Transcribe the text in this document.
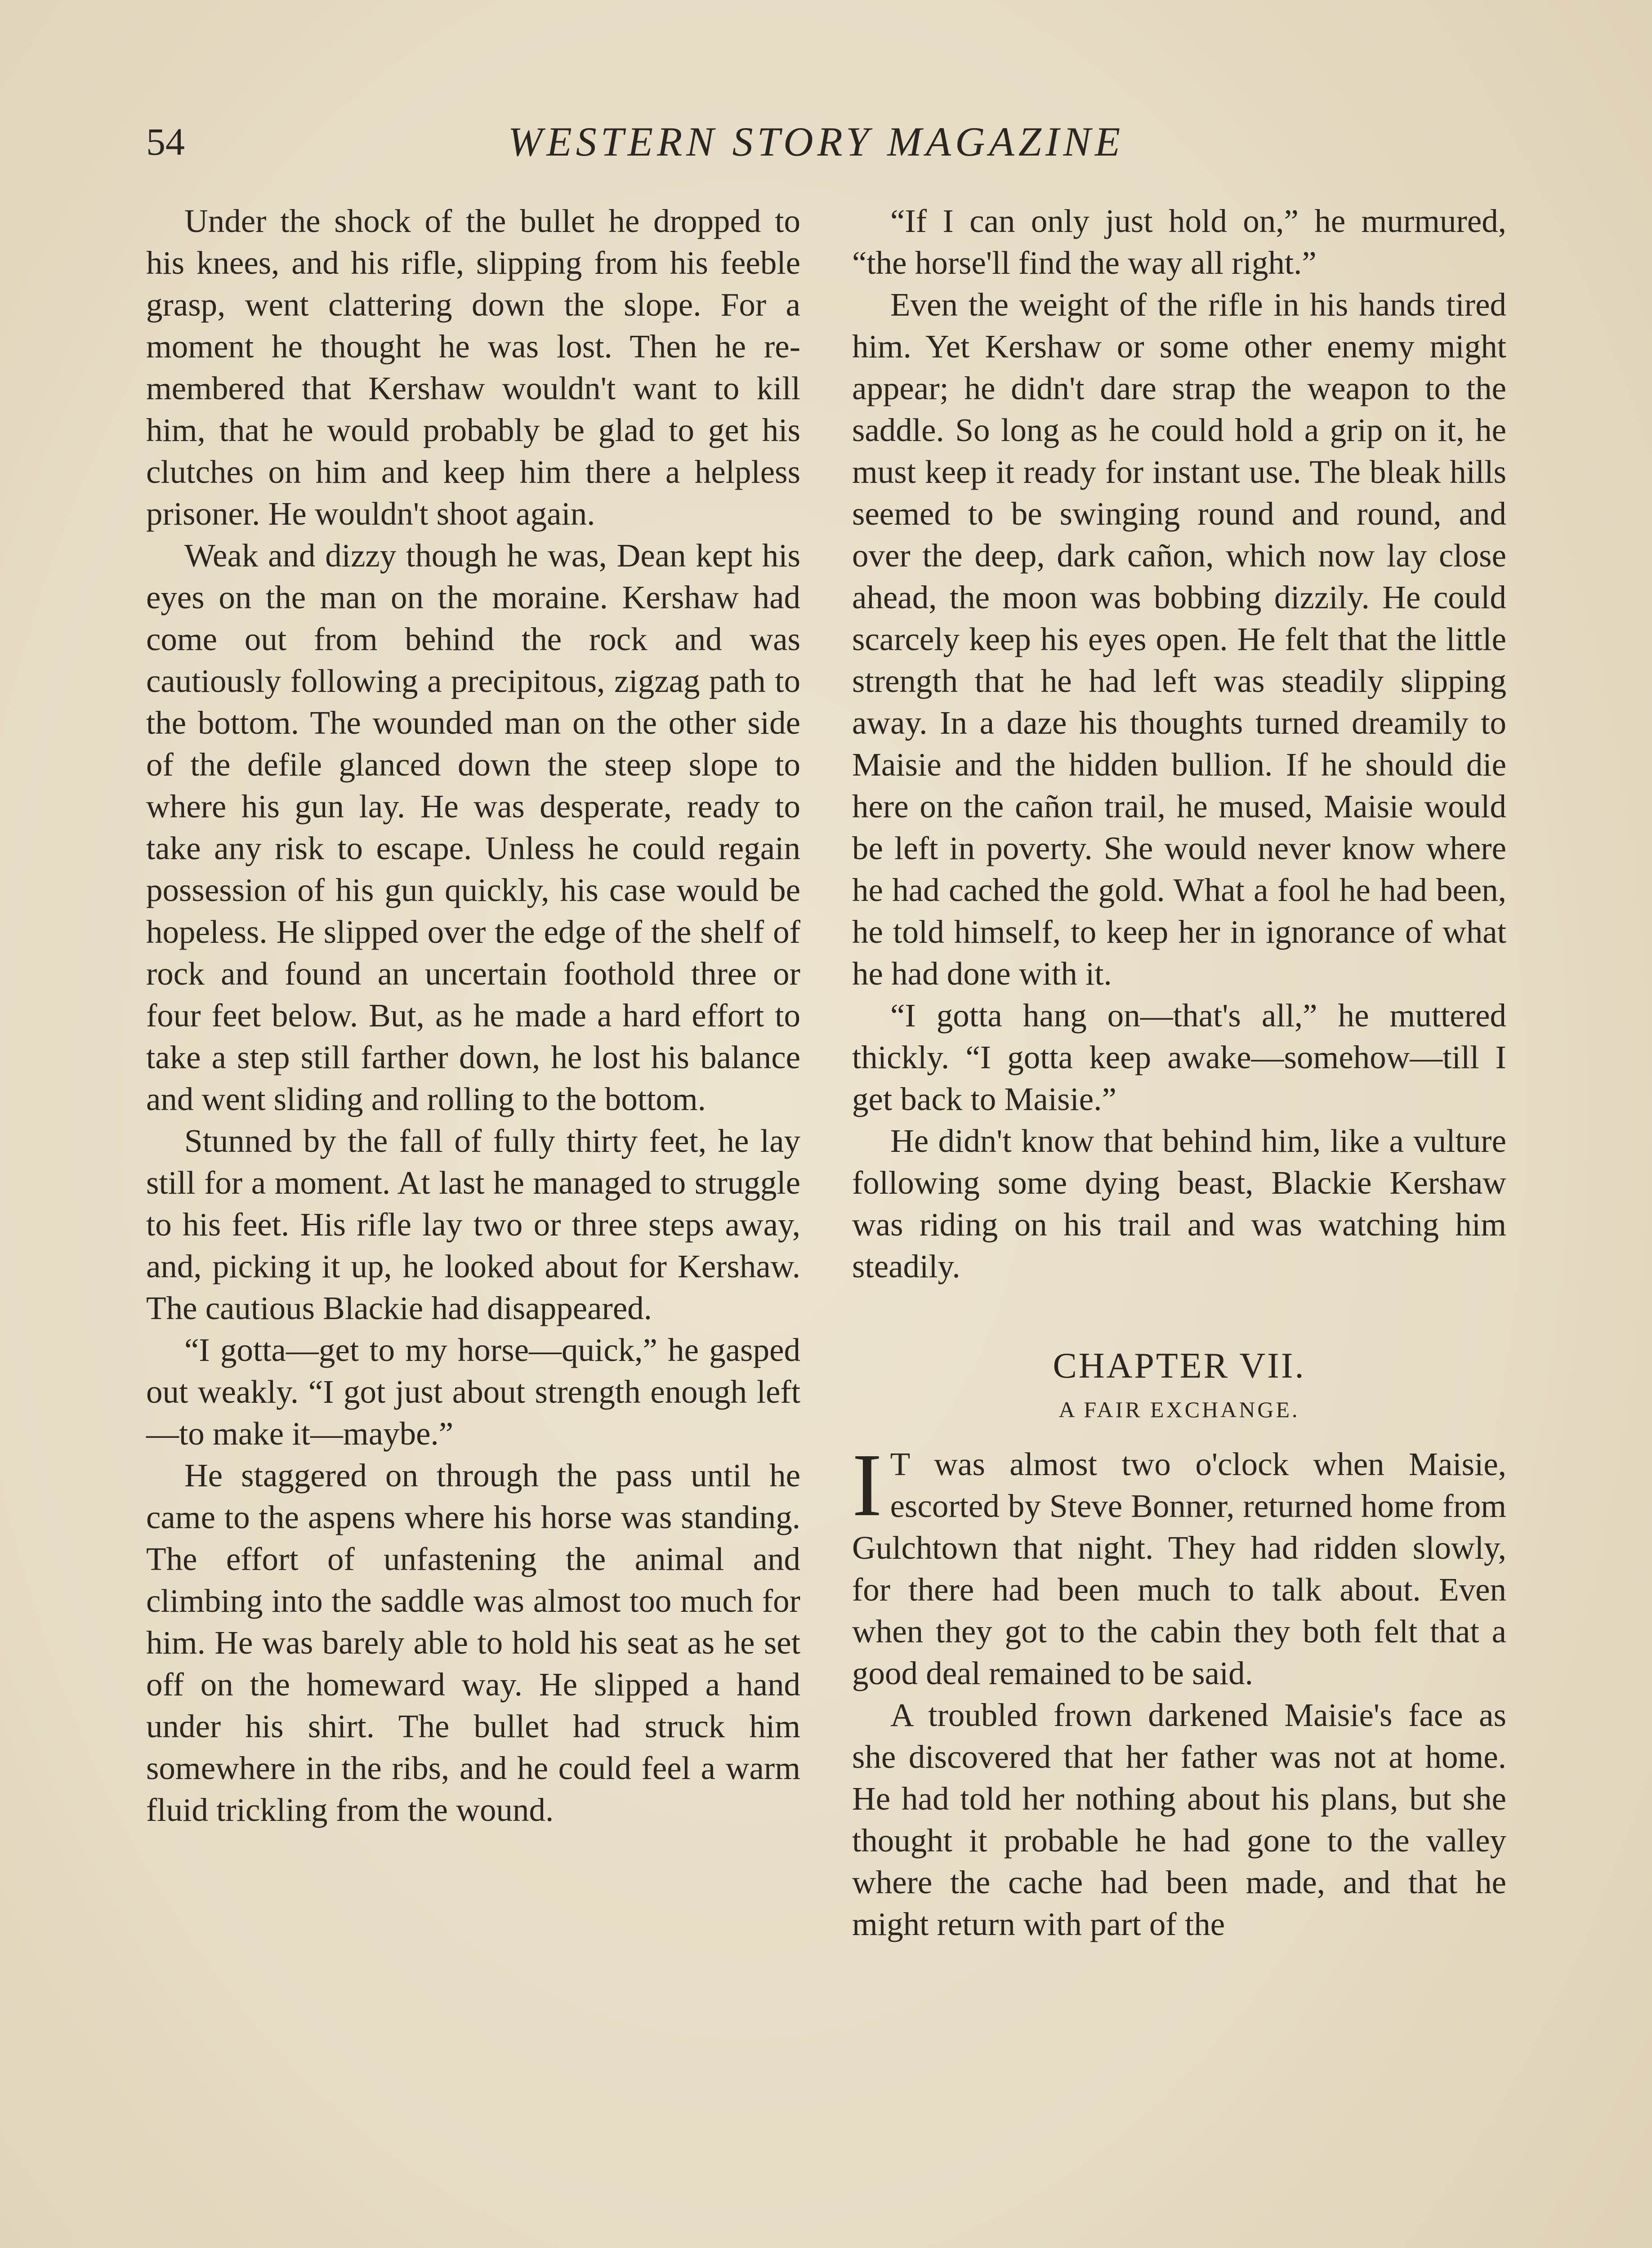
54	WESTERN STORY MAGAZINE

Under the shock of the bullet he dropped to his knees, and his rifle, slipping from his feeble grasp, went clattering down the slope. For a moment he thought he was lost. Then he remembered that Kershaw wouldn't want to kill him, that he would probably be glad to get his clutches on him and keep him there a helpless prisoner. He wouldn't shoot again.

Weak and dizzy though he was, Dean kept his eyes on the man on the moraine. Kershaw had come out from behind the rock and was cautiously following a precipitous, zigzag path to the bottom. The wounded man on the other side of the defile glanced down the steep slope to where his gun lay. He was desperate, ready to take any risk to escape. Unless he could regain possession of his gun quickly, his case would be hopeless. He slipped over the edge of the shelf of rock and found an uncertain foothold three or four feet below. But, as he made a hard effort to take a step still farther down, he lost his balance and went sliding and rolling to the bottom.

Stunned by the fall of fully thirty feet, he lay still for a moment. At last he managed to struggle to his feet. His rifle lay two or three steps away, and, picking it up, he looked about for Kershaw. The cautious Blackie had disappeared.

“I gotta—get to my horse—quick,” he gasped out weakly. “I got just about strength enough left—to make it—maybe.”

He staggered on through the pass until he came to the aspens where his horse was standing. The effort of unfastening the animal and climbing into the saddle was almost too much for him. He was barely able to hold his seat as he set off on the homeward way. He slipped a hand under his shirt. The bullet had struck him somewhere in the ribs, and he could feel a warm fluid trickling from the wound.

“If I can only just hold on,” he murmured, “the horse'll find the way all right.”

Even the weight of the rifle in his hands tired him. Yet Kershaw or some other enemy might appear; he didn't dare strap the weapon to the saddle. So long as he could hold a grip on it, he must keep it ready for instant use. The bleak hills seemed to be swinging round and round, and over the deep, dark cañon, which now lay close ahead, the moon was bobbing dizzily. He could scarcely keep his eyes open. He felt that the little strength that he had left was steadily slipping away. In a daze his thoughts turned dreamily to Maisie and the hidden bullion. If he should die here on the cañon trail, he mused, Maisie would be left in poverty. She would never know where he had cached the gold. What a fool he had been, he told himself, to keep her in ignorance of what he had done with it.

“I gotta hang on—that's all,” he muttered thickly. “I gotta keep awake—somehow—till I get back to Maisie.”

He didn't know that behind him, like a vulture following some dying beast, Blackie Kershaw was riding on his trail and was watching him steadily.

CHAPTER VII.
A FAIR EXCHANGE.

I T was almost two o'clock when Maisie, escorted by Steve Bonner, returned home from Gulchtown that night. They had ridden slowly, for there had been much to talk about. Even when they got to the cabin they both felt that a good deal remained to be said.

A troubled frown darkened Maisie's face as she discovered that her father was not at home. He had told her nothing about his plans, but she thought it probable he had gone to the valley where the cache had been made, and that he might return with part of the
